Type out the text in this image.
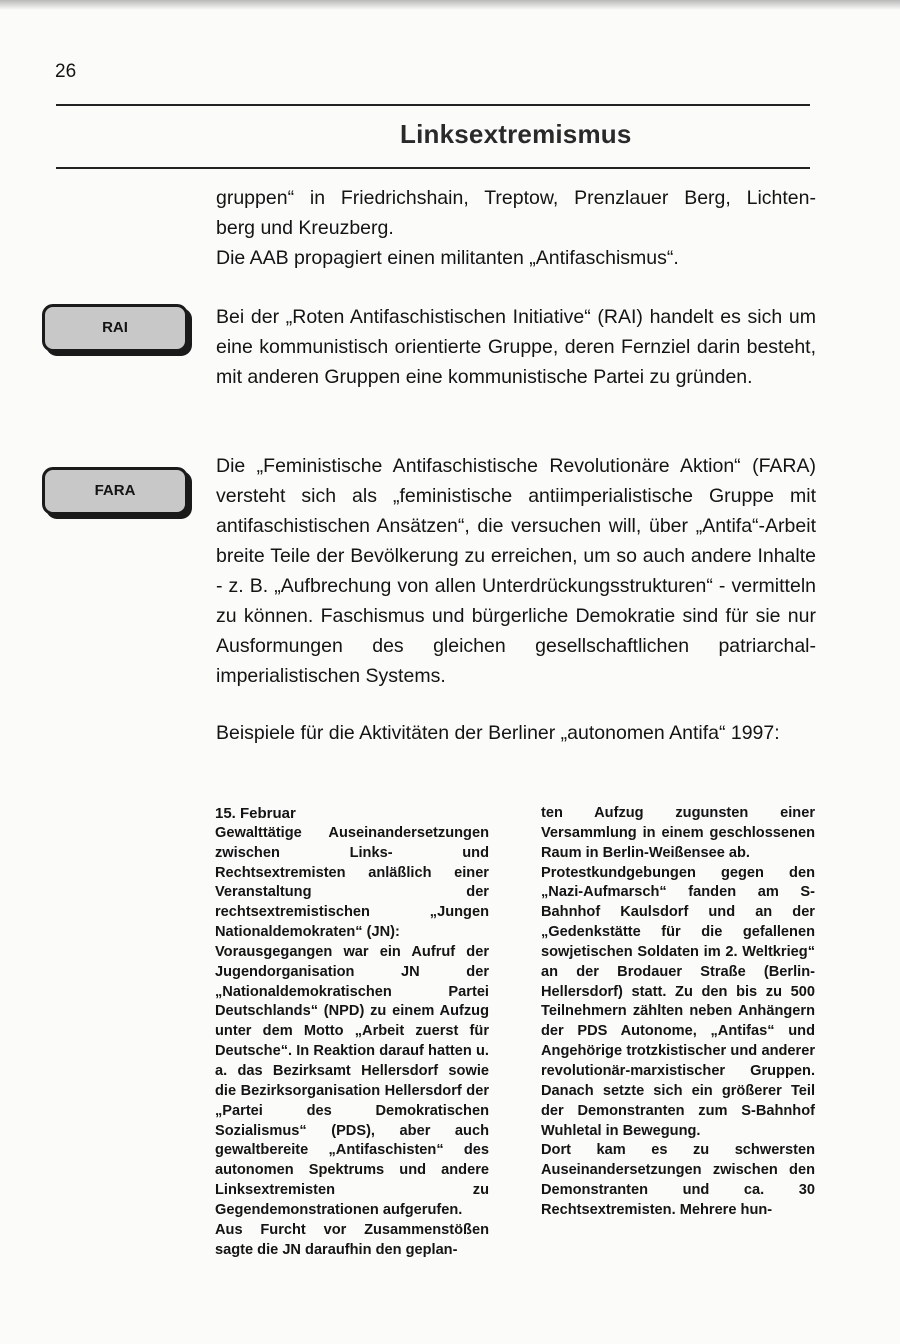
26
Linksextremismus
gruppen“ in Friedrichshain, Treptow, Prenzlauer Berg, Lichten-
berg und Kreuzberg.
Die AAB propagiert einen militanten „Antifaschismus“.
RAI	Bei der „Roten Antifaschistischen Initiative“ (RAI) handelt es sich um eine kommunistisch orientierte Gruppe, deren Fernziel darin besteht, mit anderen Gruppen eine kommunistische Partei zu gründen.

FARA

Die „Feministische Antifaschistische Revolutionäre Aktion“ (FARA) versteht sich als „feministische antiimperialistische Gruppe mit antifaschistischen Ansätzen“, die versuchen will, über „Antifa“-Arbeit breite Teile der Bevölkerung zu erreichen, um so auch andere Inhalte - z. B. „Aufbrechung von allen Unterdrückungsstrukturen“ - vermitteln zu können. Faschismus und bürgerliche Demokratie sind für sie nur Ausformungen des gleichen gesellschaftlichen patriarchal-imperialistischen Systems.

Beispiele für die Aktivitäten der Berliner „autonomen Antifa“ 1997:

15. Februar
Gewalttätige Auseinandersetzungen zwischen Links- und Rechtsextremisten anläßlich einer Veranstaltung der rechtsextremistischen „Jungen Nationaldemokraten“ (JN):
Vorausgegangen war ein Aufruf der Jugendorganisation JN der „Nationaldemokratischen Partei Deutschlands“ (NPD) zu einem Aufzug unter dem Motto „Arbeit zuerst für Deutsche“. In Reaktion darauf hatten u. a. das Bezirksamt Hellersdorf sowie die Bezirksorganisation Hellersdorf der „Partei des Demokratischen Sozialismus“ (PDS), aber auch gewaltbereite „Antifaschisten“ des autonomen Spektrums und andere Linksextremisten zu Gegendemonstrationen aufgerufen.
Aus Furcht vor Zusammenstößen sagte die JN daraufhin den geplan-
ten Aufzug zugunsten einer Versammlung in einem geschlossenen Raum in Berlin-Weißensee ab.
Protestkundgebungen gegen den „Nazi-Aufmarsch“ fanden am S-Bahnhof Kaulsdorf und an der „Gedenkstätte für die gefallenen sowjetischen Soldaten im 2. Weltkrieg“ an der Brodauer Straße (Berlin-Hellersdorf) statt. Zu den bis zu 500 Teilnehmern zählten neben Anhängern der PDS Autonome, „Antifas“ und Angehörige trotzkistischer und anderer revolutionär-marxistischer Gruppen. Danach setzte sich ein größerer Teil der Demonstranten zum S-Bahnhof Wuhletal in Bewegung.
Dort kam es zu schwersten Auseinandersetzungen zwischen den Demonstranten und ca. 30 Rechtsextremisten. Mehrere hun-
